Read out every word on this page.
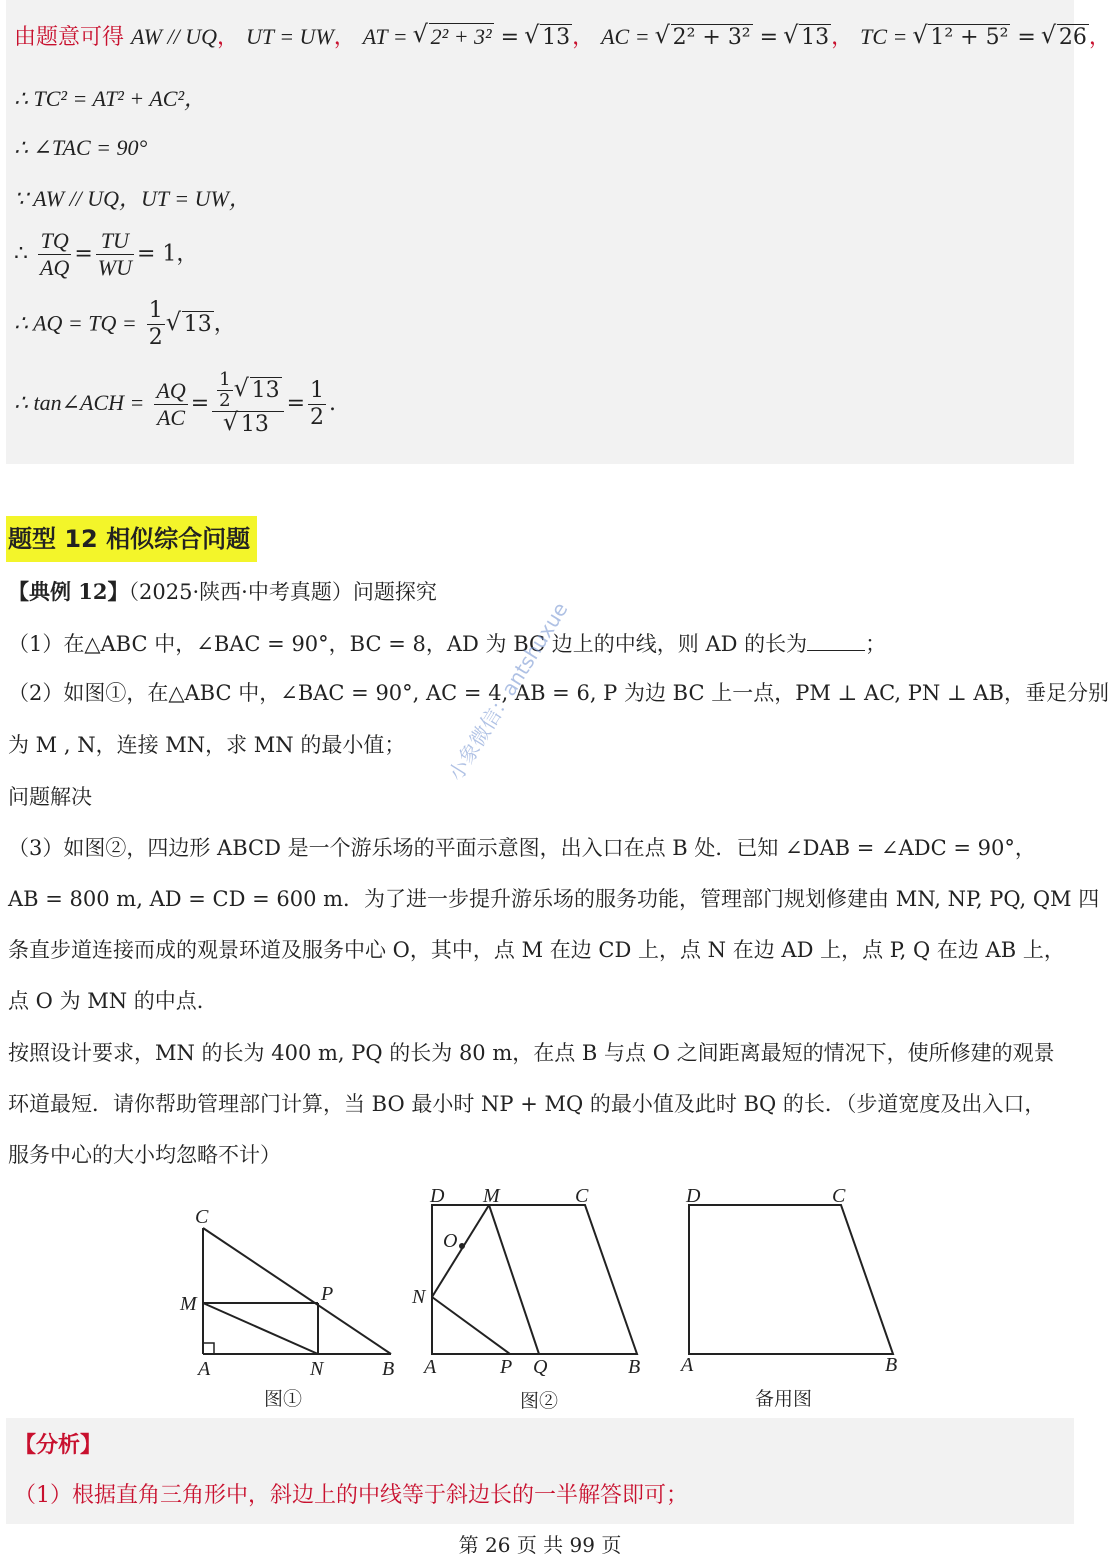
由题意可得 AW // UQ， UT = UW， AT = √ 2² + 3² = √ 13， AC = √ 2² + 3² = √ 13， TC = √ 1² + 5² = √ 26，
∴ TC² = AT² + AC²，
∴ ∠TAC = 90°
∵ AW // UQ，UT = UW，
∴ $\frac{TQ}{AQ} = \frac{TU}{WU} = 1$，
∴ AQ = TQ = $\frac{1}{2}$ √ 13，
∴ tan∠ACH = $\frac{AQ}{AC} = \frac{1}{2}$ √ 13
√ $13 = \frac{1}{2}$ .
题型 12 相似综合问题
【典例 12】（2025·陕西·中考真题）问题探究
（1）在△ABC 中，∠BAC = 90°，BC = 8，AD 为 BC 边上的中线，则 AD 的长为	；
（2）如图①，在△ABC 中，∠BAC = 90°, AC = 4, AB = 6, P 为边 BC 上一点，PM ⊥ AC, PN ⊥ AB，垂足分别
为 M , N，连接 MN，求 MN 的最小值；
问题解决
（3）如图②，四边形 ABCD 是一个游乐场的平面示意图，出入口在点 B 处．已知 ∠DAB = ∠ADC = 90°，
AB = 800 m, AD = CD = 600 m．为了进一步提升游乐场的服务功能，管理部门规划修建由 MN, NP, PQ, QM 四
条直步道连接而成的观景环道及服务中心 O，其中，点 M 在边 CD 上，点 N 在边 AD 上，点 P, Q 在边 AB 上，
点 O 为 MN 的中点．
按照设计要求，MN 的长为 400 m, PQ 的长为 80 m，在点 B 与点 O 之间距离最短的情况下，使所修建的观景
环道最短．请你帮助管理部门计算，当 BO 最小时 NP + MQ 的最小值及此时 BQ 的长．（步道宽度及出入口，
服务中心的大小均忽略不计）
小象微信：antshuxue
C
M	P
A	N	B
图①
D M	C
O
N
A	P Q	B
图②
D	C
A	B
备用图
【分析】
（1）根据直角三角形中，斜边上的中线等于斜边长的一半解答即可；
第 26 页 共 99 页
